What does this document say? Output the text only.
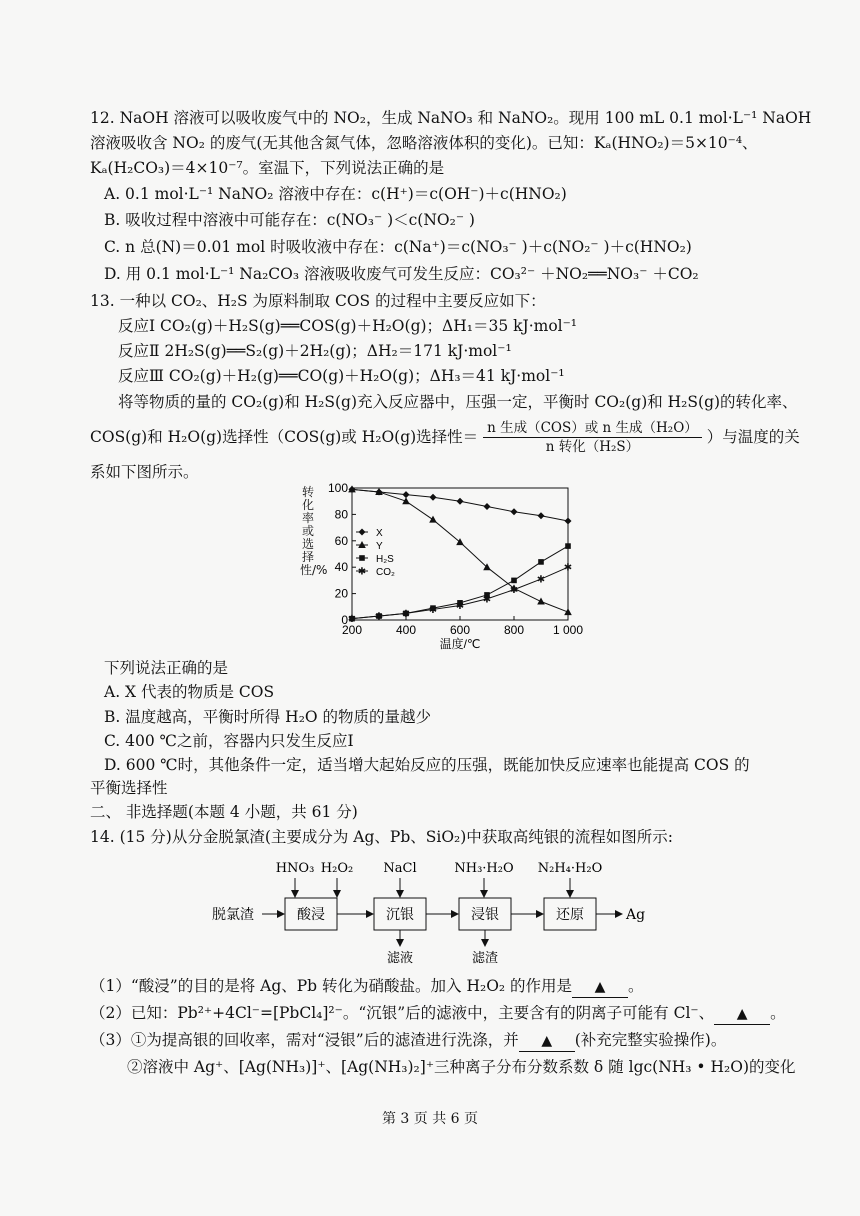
12. NaOH 溶液可以吸收废气中的 NO₂，生成 NaNO₃ 和 NaNO₂。现用 100 mL 0.1 mol·L⁻¹ NaOH
溶液吸收含 NO₂ 的废气(无其他含氮气体，忽略溶液体积的变化)。已知：Kₐ(HNO₂)＝5×10⁻⁴、
Kₐ(H₂CO₃)＝4×10⁻⁷。室温下，下列说法正确的是
A. 0.1 mol·L⁻¹ NaNO₂ 溶液中存在：c(H⁺)＝c(OH⁻)＋c(HNO₂)
B. 吸收过程中溶液中可能存在：c(NO₃⁻ )＜c(NO₂⁻ )
C. n 总(N)＝0.01 mol 时吸收液中存在：c(Na⁺)＝c(NO₃⁻ )＋c(NO₂⁻ )＋c(HNO₂)
D. 用 0.1 mol·L⁻¹ Na₂CO₃ 溶液吸收废气可发生反应：CO₃²⁻ ＋NO₂══NO₃⁻ ＋CO₂
13. 一种以 CO₂、H₂S 为原料制取 COS 的过程中主要反应如下：
反应Ⅰ CO₂(g)＋H₂S(g)══COS(g)＋H₂O(g)；ΔH₁＝35 kJ·mol⁻¹
反应Ⅱ 2H₂S(g)══S₂(g)＋2H₂(g)；ΔH₂＝171 kJ·mol⁻¹
反应Ⅲ CO₂(g)＋H₂(g)══CO(g)＋H₂O(g)；ΔH₃＝41 kJ·mol⁻¹
将等物质的量的 CO₂(g)和 H₂S(g)充入反应器中，压强一定，平衡时 CO₂(g)和 H₂S(g)的转化率、
COS(g)和 H₂O(g)选择性（COS(g)或 H₂O(g)选择性＝ $\frac{\text{n 生成（COS）或 n 生成（H₂O）}}{\text{n 转化（H₂S）}}$ ）与温度的关
系如下图所示。
转化率或选择性/%
200	400	600	800 1 000
0
20
40
60
80
100
温度/℃
X
Y
H₂S
✱ ✱ ✱ ✱ ✱
✱
✱
✱
✱
✱ CO₂
下列说法正确的是
A. X 代表的物质是 COS
B. 温度越高，平衡时所得 H₂O 的物质的量越少
C. 400 ℃之前，容器内只发生反应Ⅰ
D. 600 ℃时，其他条件一定，适当增大起始反应的压强，既能加快反应速率也能提高 COS 的
平衡选择性
二、 非选择题(本题 4 小题，共 61 分)
14. (15 分)从分金脱氯渣(主要成分为 Ag、Pb、SiO₂)中获取高纯银的流程如图所示:
HNO₃ H₂O₂ NaCl	NH₃·H₂O N₂H₄·H₂O
脱氯渣	酸浸	沉银	浸银	还原	Ag
滤液	滤渣
（1）“酸浸”的目的是将 Ag、Pb 转化为硝酸盐。加入 H₂O₂ 的作用是 ▲ 。
（2）已知：Pb²⁺+4Cl⁻=[PbCl₄]²⁻。“沉银”后的滤液中，主要含有的阴离子可能有 Cl⁻、 ▲ 。
（3）①为提高银的回收率，需对“浸银”后的滤渣进行洗涤，并 ▲ (补充完整实验操作)。
②溶液中 Ag⁺、[Ag(NH₃)]⁺、[Ag(NH₃)₂]⁺三种离子分布分数系数 δ 随 lgc(NH₃ • H₂O)的变化
第 3 页 共 6 页
